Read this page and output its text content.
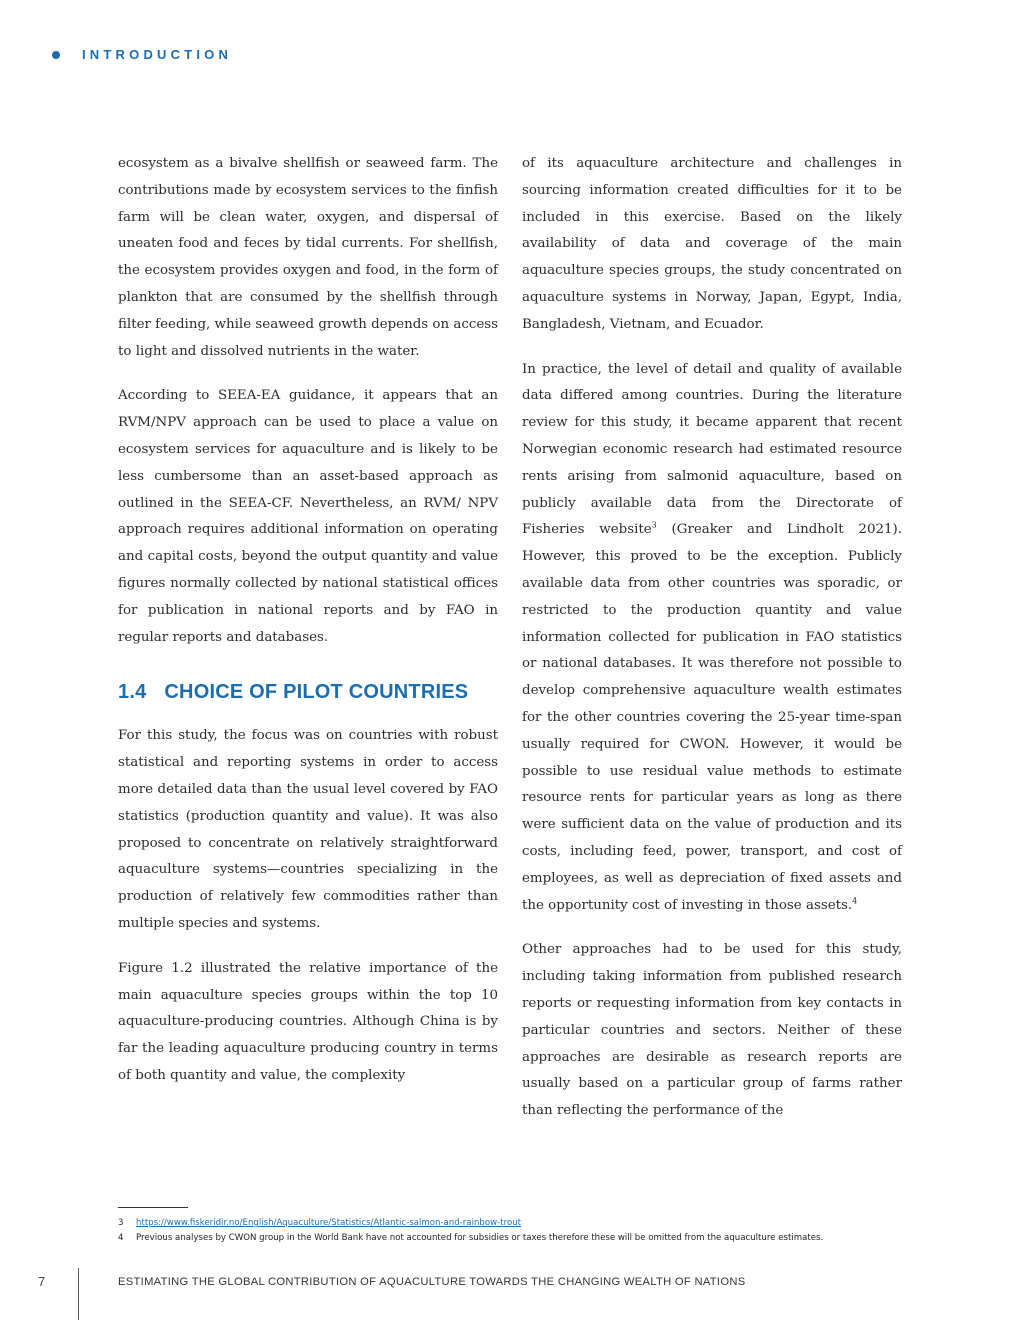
INTRODUCTION

ecosystem as a bivalve shellfish or seaweed farm. The contributions made by ecosystem services to the finfish farm will be clean water, oxygen, and dispersal of uneaten food and feces by tidal currents. For shellfish, the ecosystem provides oxygen and food, in the form of plankton that are consumed by the shellfish through filter feeding, while seaweed growth depends on access to light and dissolved nutrients in the water.

According to SEEA-EA guidance, it appears that an RVM/NPV approach can be used to place a value on ecosystem services for aquaculture and is likely to be less cumbersome than an asset-based approach as outlined in the SEEA-CF. Nevertheless, an RVM/ NPV approach requires additional information on operating and capital costs, beyond the output quantity and value figures normally collected by national statistical offices for publication in national reports and by FAO in regular reports and databases.

1.4 CHOICE OF PILOT COUNTRIES

For this study, the focus was on countries with robust statistical and reporting systems in order to access more detailed data than the usual level covered by FAO statistics (production quantity and value). It was also proposed to concentrate on relatively straightforward aquaculture systems—countries specializing in the production of relatively few commodities rather than multiple species and systems.

Figure 1.2 illustrated the relative importance of the main aquaculture species groups within the top 10 aquaculture-producing countries. Although China is by far the leading aquaculture producing country in terms of both quantity and value, the complexity

of its aquaculture architecture and challenges in sourcing information created difficulties for it to be included in this exercise. Based on the likely availability of data and coverage of the main aquaculture species groups, the study concentrated on aquaculture systems in Norway, Japan, Egypt, India, Bangladesh, Vietnam, and Ecuador.

In practice, the level of detail and quality of available data differed among countries. During the literature review for this study, it became apparent that recent Norwegian economic research had estimated resource rents arising from salmonid aquaculture, based on publicly available data from the Directorate of Fisheries website$^3$ (Greaker and Lindholt 2021). However, this proved to be the exception. Publicly available data from other countries was sporadic, or restricted to the production quantity and value information collected for publication in FAO statistics or national databases. It was therefore not possible to develop comprehensive aquaculture wealth estimates for the other countries covering the 25-year time-span usually required for CWON. However, it would be possible to use residual value methods to estimate resource rents for particular years as long as there were sufficient data on the value of production and its costs, including feed, power, transport, and cost of employees, as well as depreciation of fixed assets and the opportunity cost of investing in those assets.$^4$

Other approaches had to be used for this study, including taking information from published research reports or requesting information from key contacts in particular countries and sectors. Neither of these approaches are desirable as research reports are usually based on a particular group of farms rather than reflecting the performance of the

3	https://www.fiskeridir.no/English/Aquaculture/Statistics/Atlantic-salmon-and-rainbow-trout
4	Previous analyses by CWON group in the World Bank have not accounted for subsidies or taxes therefore these will be omitted from the aquaculture estimates.
7	ESTIMATING THE GLOBAL CONTRIBUTION OF AQUACULTURE TOWARDS THE CHANGING WEALTH OF NATIONS
